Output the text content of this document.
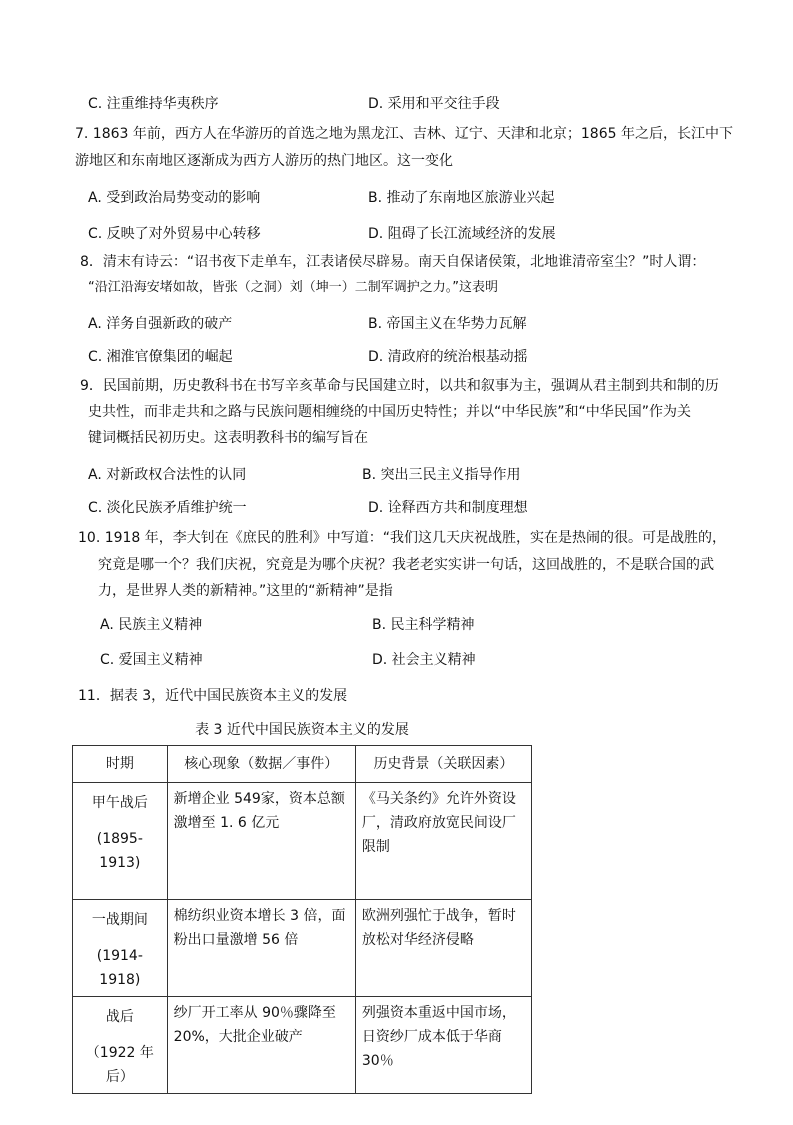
C. 注重维持华夷秩序	D. 采用和平交往手段
7. 1863 年前，西方人在华游历的首选之地为黑龙江、吉林、辽宁、天津和北京；1865 年之后，长江中下
游地区和东南地区逐渐成为西方人游历的热门地区。这一变化
A. 受到政治局势变动的影响	B. 推动了东南地区旅游业兴起
C. 反映了对外贸易中心转移	D. 阻碍了长江流域经济的发展
8．清末有诗云：“诏书夜下走单车，江表诸侯尽辟易。南天自保诸侯策，北地谁清帝室尘？”时人谓：
“沿江沿海安堵如故，皆张（之洞）刘（坤一）二制军调护之力。”这表明
A. 洋务自强新政的破产	B. 帝国主义在华势力瓦解
C. 湘淮官僚集团的崛起	D. 清政府的统治根基动摇
9．民国前期，历史教科书在书写辛亥革命与民国建立时，以共和叙事为主，强调从君主制到共和制的历
史共性，而非走共和之路与民族问题相缠绕的中国历史特性；并以“中华民族”和“中华民国”作为关
键词概括民初历史。这表明教科书的编写旨在
A. 对新政权合法性的认同	B. 突出三民主义指导作用
C. 淡化民族矛盾维护统一	D. 诠释西方共和制度理想
10. 1918 年，李大钊在《庶民的胜利》中写道：“我们这几天庆祝战胜，实在是热闹的很。可是战胜的，
究竟是哪一个？我们庆祝，究竟是为哪个庆祝？我老老实实讲一句话，这回战胜的，不是联合国的武
力，是世界人类的新精神。”这里的“新精神”是指
A. 民族主义精神	B. 民主科学精神
C. 爱国主义精神	D. 社会主义精神
11．据表 3，近代中国民族资本主义的发展
表 3 近代中国民族资本主义的发展
时期	核心现象（数据／事件）	历史背景（关联因素）

甲午战后
(1895-1913)	新增企业 549家，资本总额激增至 1. 6 亿元	《马关条约》允许外资设厂，清政府放宽民间设厂限制

一战期间
(1914-1918)	棉纺织业资本增长 3 倍，面粉出口量激增 56 倍	欧洲列强忙于战争，暂时放松对华经济侵略

战后
（1922 年后）	纱厂开工率从 90％骤降至 20%，大批企业破产	列强资本重返中国市场，日资纱厂成本低于华商 30％
